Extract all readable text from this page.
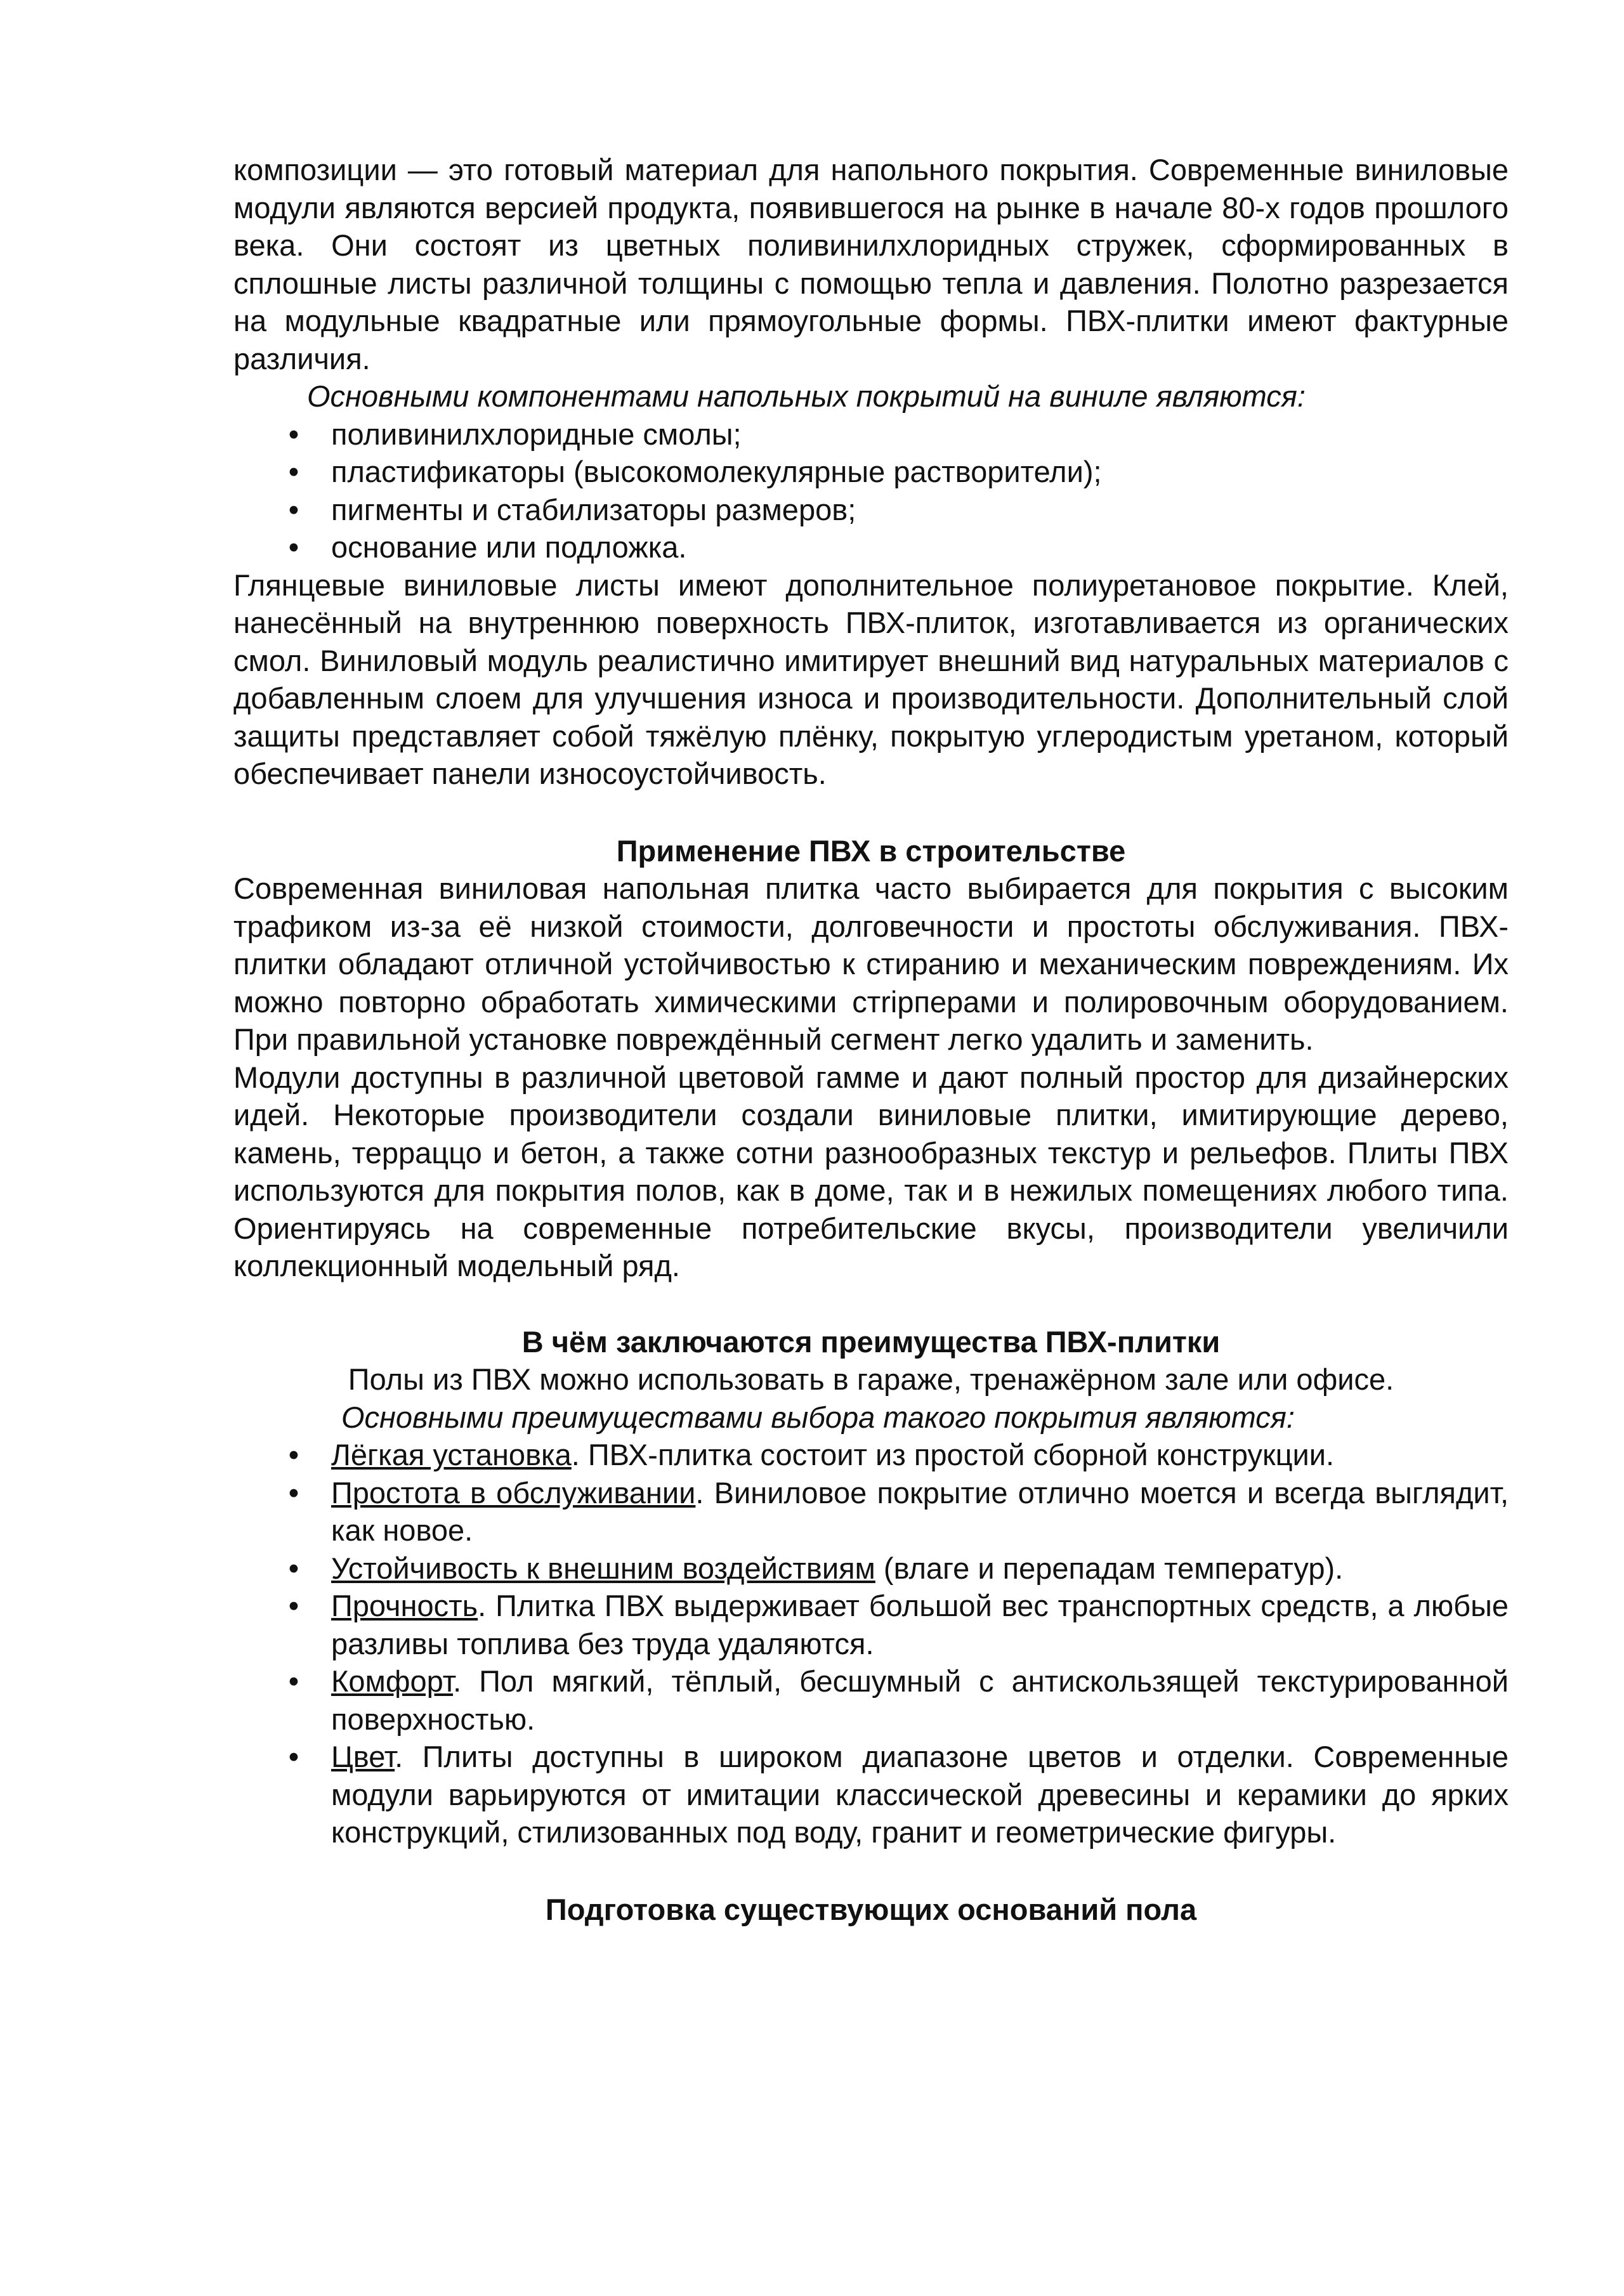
композиции — это готовый материал для напольного покрытия. Современные виниловые модули являются версией продукта, появившегося на рынке в начале 80-х годов прошлого века. Они состоят из цветных поливинилхлоридных стружек, сформированных в сплошные листы различной толщины с помощью тепла и давления. Полотно разрезается на модульные квадратные или прямоугольные формы. ПВХ-плитки имеют фактурные различия.

Основными компонентами напольных покрытий на виниле являются:

• поливинилхлоридные смолы;
• пластификаторы (высокомолекулярные растворители);
• пигменты и стабилизаторы размеров;
• основание или подложка.

Глянцевые виниловые листы имеют дополнительное полиуретановое покрытие. Клей, нанесённый на внутреннюю поверхность ПВХ-плиток, изготавливается из органических смол. Виниловый модуль реалистично имитирует внешний вид натуральных материалов с добавленным слоем для улучшения износа и производительности. Дополнительный слой защиты представляет собой тяжёлую плёнку, покрытую углеродистым уретаном, который обеспечивает панели износоустойчивость.

Применение ПВХ в строительстве

Современная виниловая напольная плитка часто выбирается для покрытия с высоким трафиком из-за её низкой стоимости, долговечности и простоты обслуживания. ПВХ-плитки обладают отличной устойчивостью к стиранию и механическим повреждениям. Их можно повторно обработать химическими стripперами и полировочным оборудованием. При правильной установке повреждённый сегмент легко удалить и заменить.

Модули доступны в различной цветовой гамме и дают полный простор для дизайнерских идей. Некоторые производители создали виниловые плитки, имитирующие дерево, камень, терраццо и бетон, а также сотни разнообразных текстур и рельефов. Плиты ПВХ используются для покрытия полов, как в доме, так и в нежилых помещениях любого типа. Ориентируясь на современные потребительские вкусы, производители увеличили коллекционный модельный ряд.

В чём заключаются преимущества ПВХ-плитки

Полы из ПВХ можно использовать в гараже, тренажёрном зале или офисе.

Основными преимуществами выбора такого покрытия являются:

• Лёгкая установка. ПВХ-плитка состоит из простой сборной конструкции.
• Простота в обслуживании. Виниловое покрытие отлично моется и всегда выглядит, как новое.
• Устойчивость к внешним воздействиям (влаге и перепадам температур).
• Прочность. Плитка ПВХ выдерживает большой вес транспортных средств, а любые разливы топлива без труда удаляются.
• Комфорт. Пол мягкий, тёплый, бесшумный с антискользящей текстурированной поверхностью.
• Цвет. Плиты доступны в широком диапазоне цветов и отделки. Современные модули варьируются от имитации классической древесины и керамики до ярких конструкций, стилизованных под воду, гранит и геометрические фигуры.
Подготовка существующих оснований пола
